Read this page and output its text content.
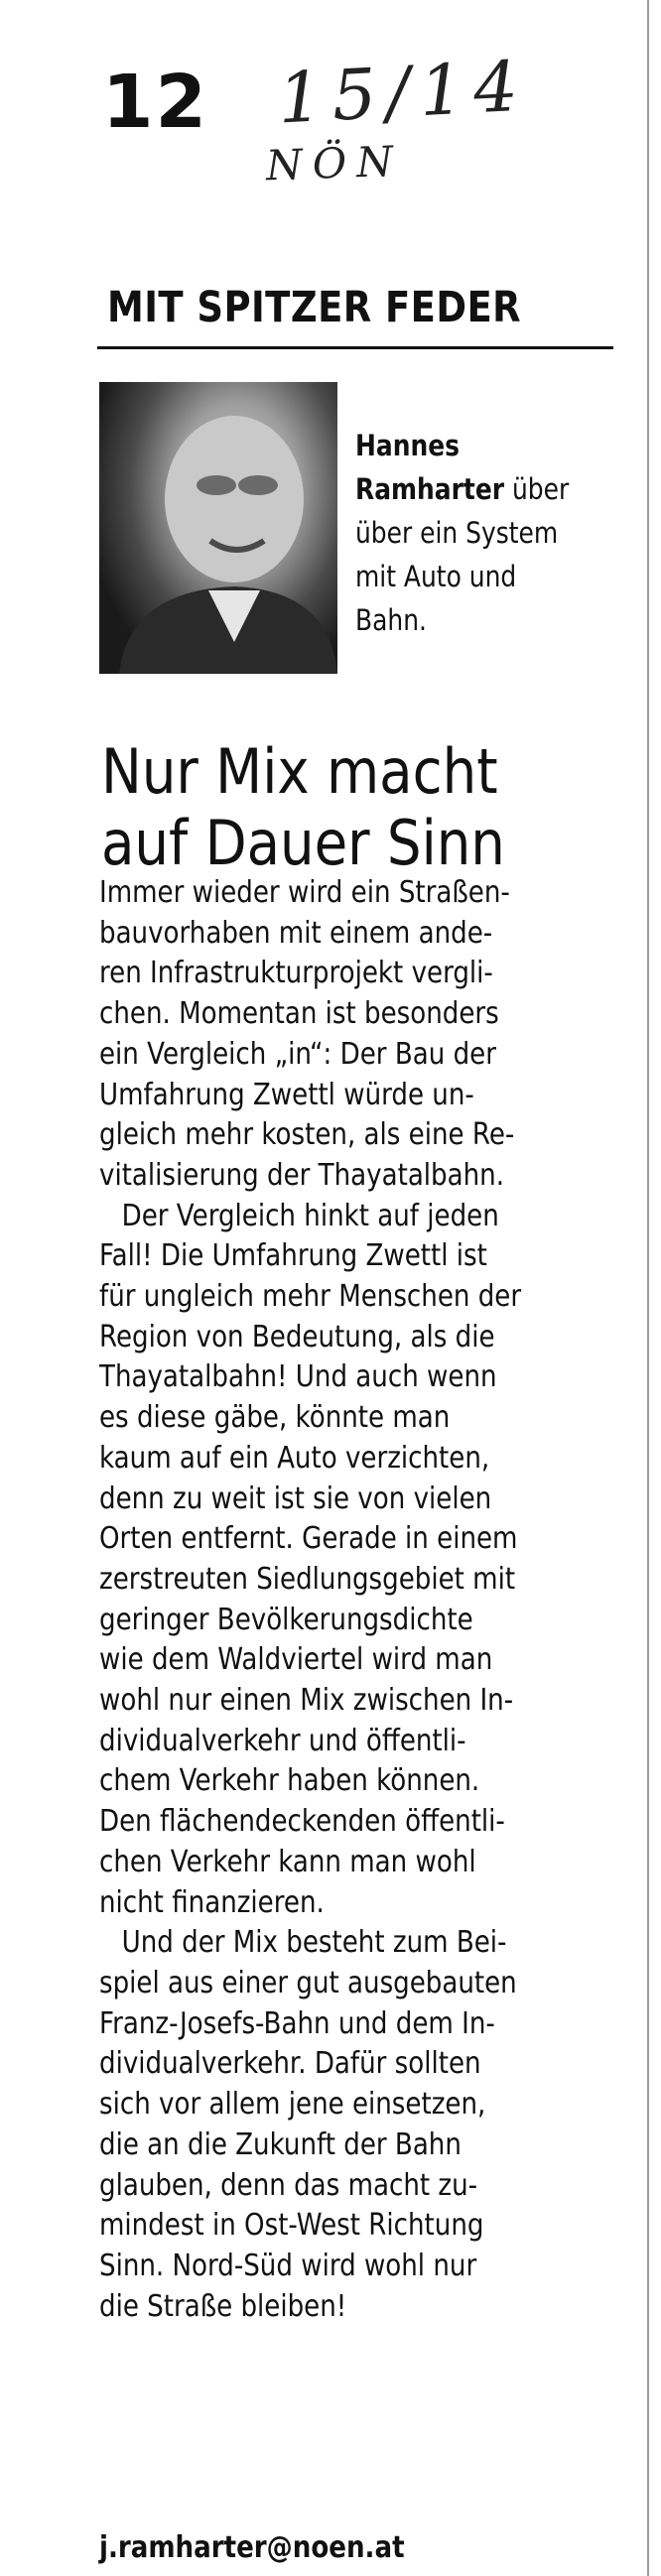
12 15/14
NÖN
MIT SPITZER FEDER
Hannes
Ramharter über
über ein System
mit Auto und
Bahn.
Nur Mix macht
auf Dauer Sinn
Immer wieder wird ein Straßen-
bauvorhaben mit einem ande-
ren Infrastrukturprojekt vergli-
chen. Momentan ist besonders
ein Vergleich „in“: Der Bau der
Umfahrung Zwettl würde un-
gleich mehr kosten, als eine Re-
vitalisierung der Thayatalbahn.
Der Vergleich hinkt auf jeden
Fall! Die Umfahrung Zwettl ist
für ungleich mehr Menschen der
Region von Bedeutung, als die
Thayatalbahn! Und auch wenn
es diese gäbe, könnte man
kaum auf ein Auto verzichten,
denn zu weit ist sie von vielen
Orten entfernt. Gerade in einem
zerstreuten Siedlungsgebiet mit
geringer Bevölkerungsdichte
wie dem Waldviertel wird man
wohl nur einen Mix zwischen In-
dividualverkehr und öffentli-
chem Verkehr haben können.
Den flächendeckenden öffentli-
chen Verkehr kann man wohl
nicht finanzieren.
Und der Mix besteht zum Bei-
spiel aus einer gut ausgebauten
Franz-Josefs-Bahn und dem In-
dividualverkehr. Dafür sollten
sich vor allem jene einsetzen,
die an die Zukunft der Bahn
glauben, denn das macht zu-
mindest in Ost-West Richtung
Sinn. Nord-Süd wird wohl nur
die Straße bleiben!
j.ramharter@noen.at
